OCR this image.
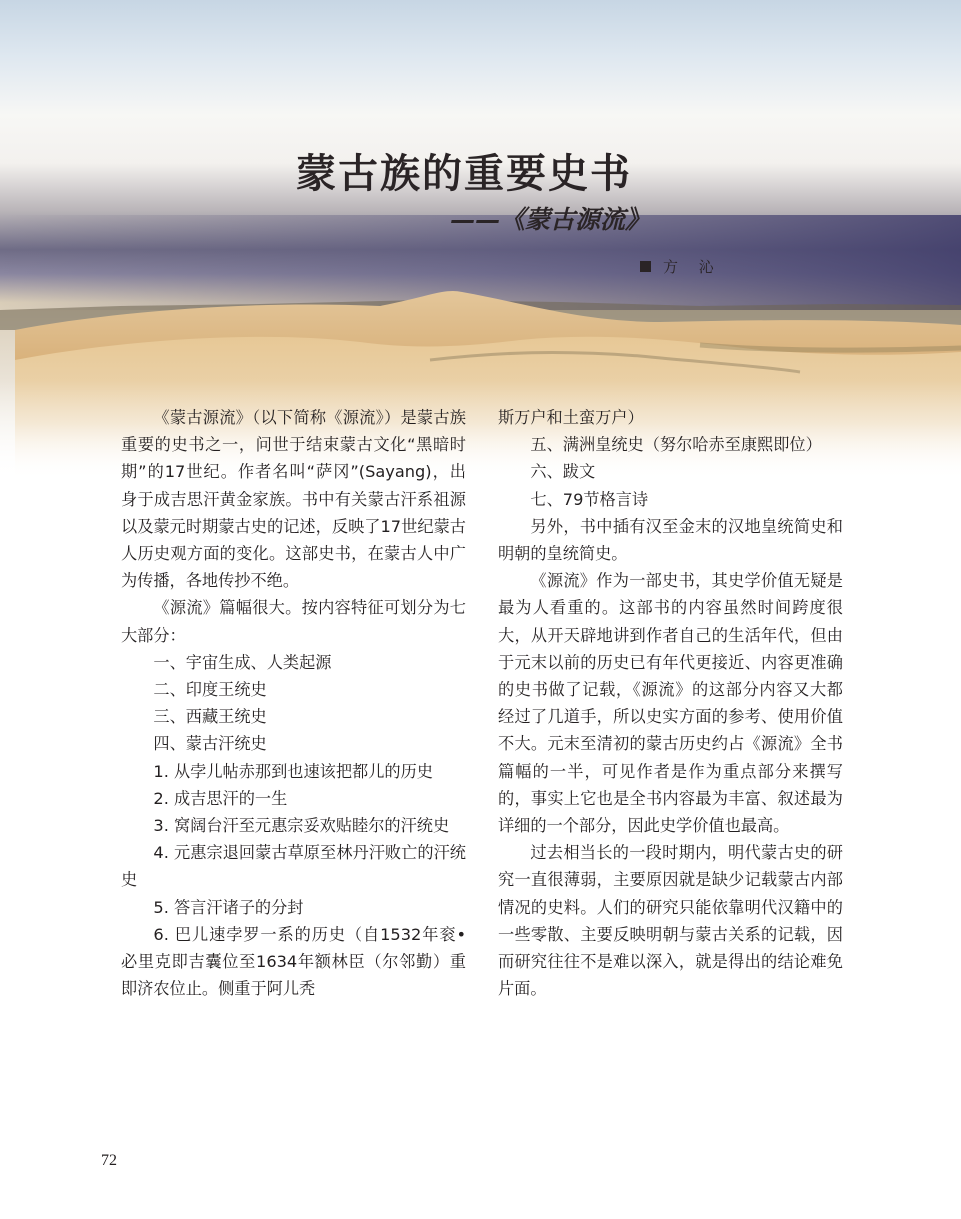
蒙古族的重要史书
——《蒙古源流》
方 沁

《蒙古源流》（以下简称《源流》）是蒙古族重要的史书之一，问世于结束蒙古文化“黑暗时期”的17世纪。作者名叫“萨冈”(Sayang)，出身于成吉思汗黄金家族。书中有关蒙古汗系祖源以及蒙元时期蒙古史的记述，反映了17世纪蒙古人历史观方面的变化。这部史书，在蒙古人中广为传播，各地传抄不绝。

《源流》篇幅很大。按内容特征可划分为七大部分：

一、宇宙生成、人类起源

二、印度王统史

三、西藏王统史

四、蒙古汗统史

1. 从孛儿帖赤那到也速该把都儿的历史

2. 成吉思汗的一生

3. 窝阔台汗至元惠宗妥欢贴睦尔的汗统史

4. 元惠宗退回蒙古草原至林丹汗败亡的汗统史

5. 答言汗诸子的分封

6. 巴儿速孛罗一系的历史（自1532年衮•必里克即吉囊位至1634年额林臣（尔邻勤）重即济农位止。侧重于阿儿秃

斯万户和土蛮万户）

五、满洲皇统史（努尔哈赤至康熙即位）

六、跋文

七、79节格言诗

另外，书中插有汉至金末的汉地皇统简史和明朝的皇统简史。

《源流》作为一部史书，其史学价值无疑是最为人看重的。这部书的内容虽然时间跨度很大，从开天辟地讲到作者自己的生活年代，但由于元末以前的历史已有年代更接近、内容更准确的史书做了记载，《源流》的这部分内容又大都经过了几道手，所以史实方面的参考、使用价值不大。元末至清初的蒙古历史约占《源流》全书篇幅的一半，可见作者是作为重点部分来撰写的，事实上它也是全书内容最为丰富、叙述最为详细的一个部分，因此史学价值也最高。

过去相当长的一段时期内，明代蒙古史的研究一直很薄弱，主要原因就是缺少记载蒙古内部情况的史料。人们的研究只能依靠明代汉籍中的一些零散、主要反映明朝与蒙古关系的记载，因而研究往往不是难以深入，就是得出的结论难免片面。

72
